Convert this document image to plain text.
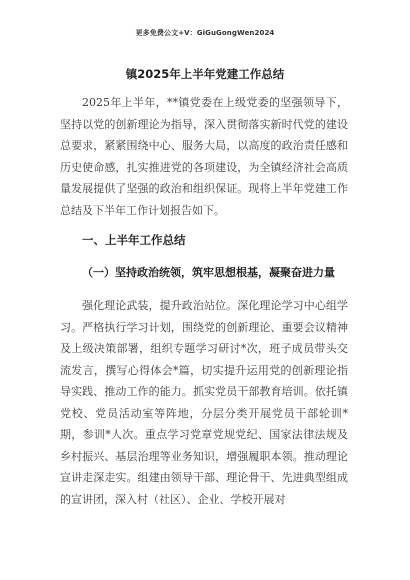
更多免费公文+V：GiGuGongWen2024
镇2025年上半年党建工作总结

2025年上半年，**镇党委在上级党委的坚强领导下，坚持以党的创新理论为指导，深入贯彻落实新时代党的建设总要求，紧紧围绕中心、服务大局，以高度的政治责任感和历史使命感，扎实推进党的各项建设，为全镇经济社会高质量发展提供了坚强的政治和组织保证。现将上半年党建工作总结及下半年工作计划报告如下。

一、上半年工作总结
（一）坚持政治统领，筑牢思想根基，凝聚奋进力量

强化理论武装，提升政治站位。深化理论学习中心组学习。严格执行学习计划，围绕党的创新理论、重要会议精神及上级决策部署，组织专题学习研讨*次，班子成员带头交流发言，撰写心得体会*篇，切实提升运用党的创新理论指导实践、推动工作的能力。抓实党员干部教育培训。依托镇党校、党员活动室等阵地，分层分类开展党员干部轮训*期，参训*人次。重点学习党章党规党纪、国家法律法规及乡村振兴、基层治理等业务知识，增强履职本领。推动理论宣讲走深走实。组建由领导干部、理论骨干、先进典型组成的宣讲团，深入村（社区）、企业、学校开展对
